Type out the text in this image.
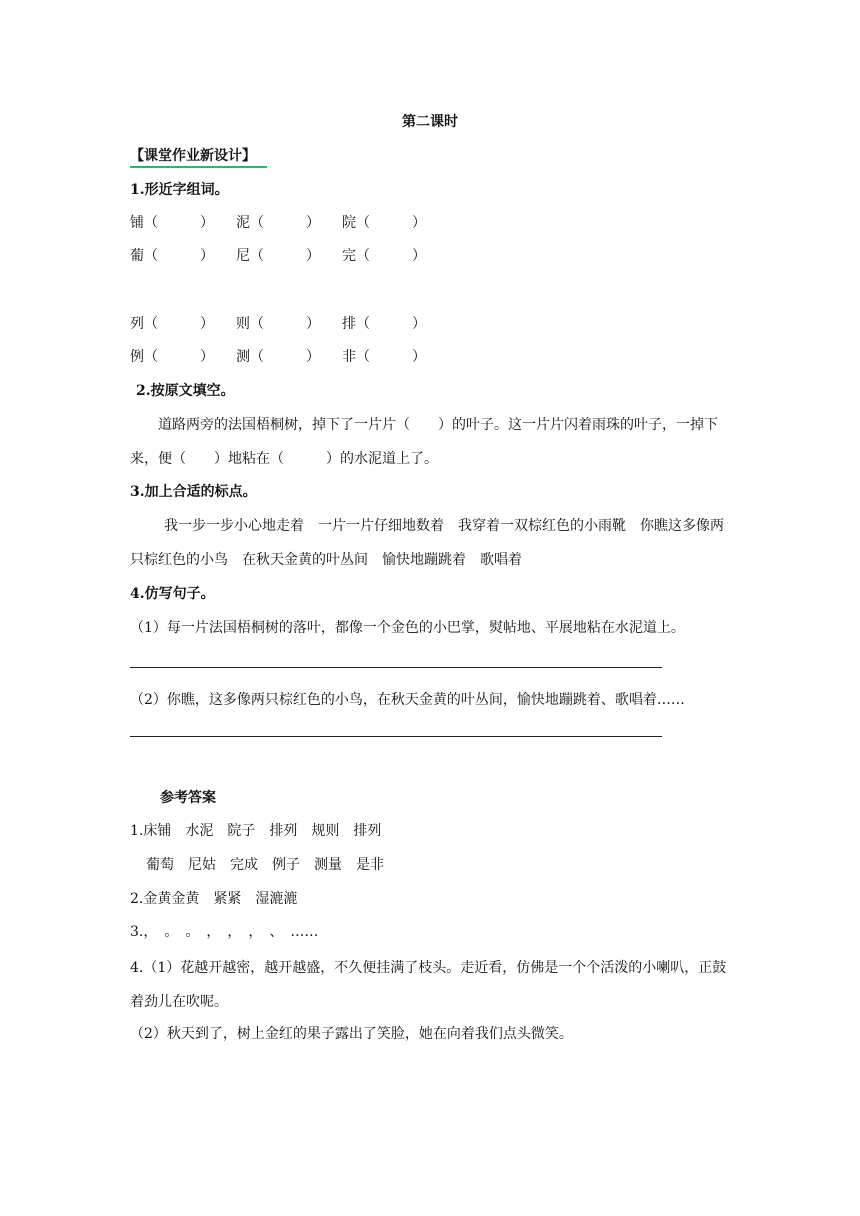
第二课时
【课堂作业新设计】
1.形近字组词。
铺（　　　） 泥（　　　） 院（　　　）
葡（　　　） 尼（　　　） 完（　　　）
列（　　　） 则（　　　） 排（　　　）
例（　　　） 测（　　　） 非（　　　）
2.按原文填空。
道路两旁的法国梧桐树，掉下了一片片（　　）的叶子。这一片片闪着雨珠的叶子，一掉下来，便（　　）地粘在（　　　）的水泥道上了。
3.加上合适的标点。
我一步一步小心地走着　一片一片仔细地数着　我穿着一双棕红色的小雨靴　你瞧这多像两只棕红色的小鸟　在秋天金黄的叶丛间　愉快地蹦跳着　歌唱着
4.仿写句子。
（1）每一片法国梧桐树的落叶，都像一个金色的小巴掌，熨帖地、平展地粘在水泥道上。
（2）你瞧，这多像两只棕红色的小鸟，在秋天金黄的叶丛间，愉快地蹦跳着、歌唱着……
参考答案
1.床铺　水泥　院子　排列　规则　排列
葡萄　尼姑　完成　例子　测量　是非
2.金黄金黄　紧紧　湿漉漉
3.，　。　。　，　，　，　、　……
4.（1）花越开越密，越开越盛，不久便挂满了枝头。走近看，仿佛是一个个活泼的小喇叭，正鼓着劲儿在吹呢。
（2）秋天到了，树上金红的果子露出了笑脸，她在向着我们点头微笑。
